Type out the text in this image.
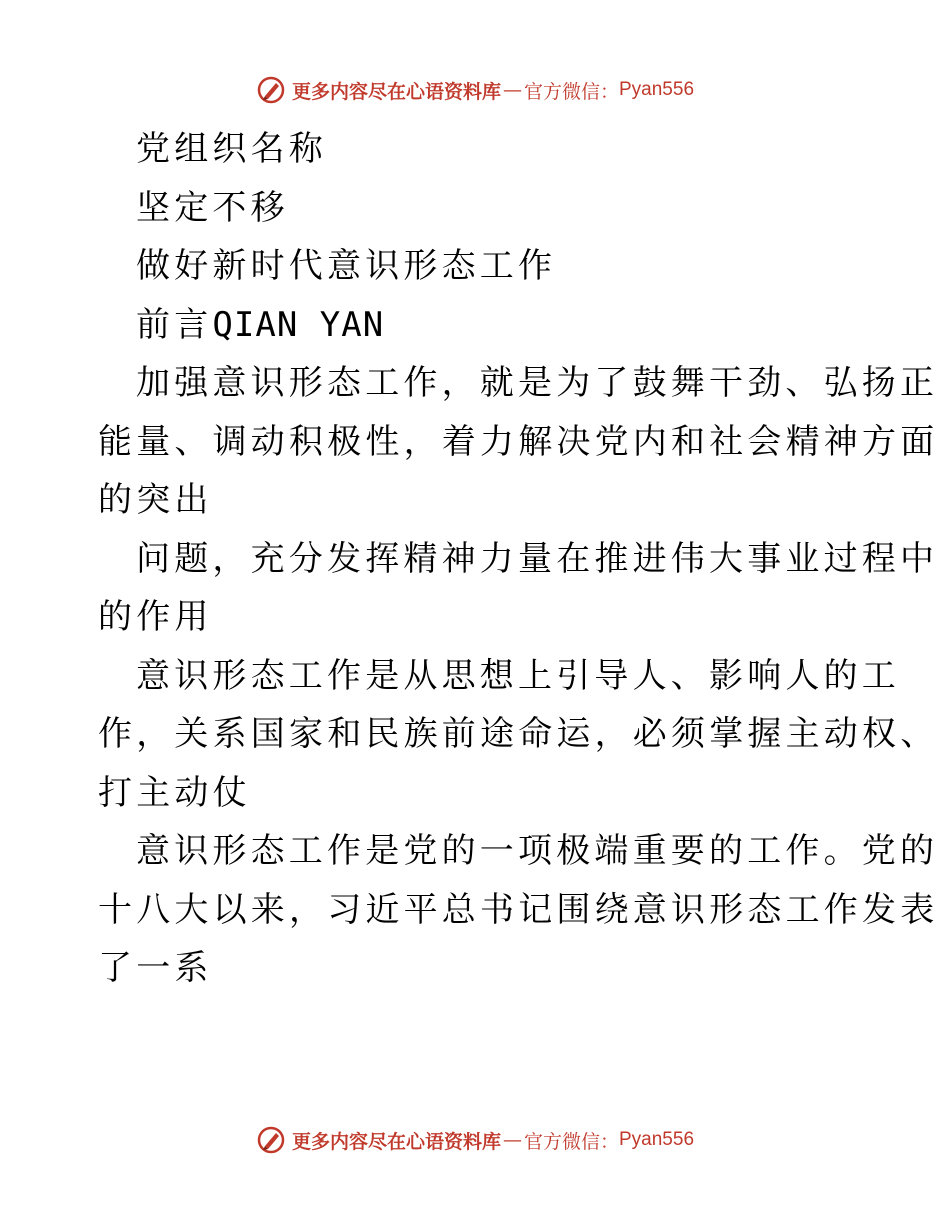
更多内容尽在心语资料库 — 官方微信： Pyan556
党组织名称
坚定不移
做好新时代意识形态工作
前言QIAN YAN
加强意识形态工作，就是为了鼓舞干劲、弘扬正
能量、调动积极性，着力解决党内和社会精神方面
的突出
问题，充分发挥精神力量在推进伟大事业过程中
的作用
意识形态工作是从思想上引导人、影响人的工
作，关系国家和民族前途命运，必须掌握主动权、
打主动仗
意识形态工作是党的一项极端重要的工作。党的
十八大以来，习近平总书记围绕意识形态工作发表
了一系
更多内容尽在心语资料库 — 官方微信： Pyan556
